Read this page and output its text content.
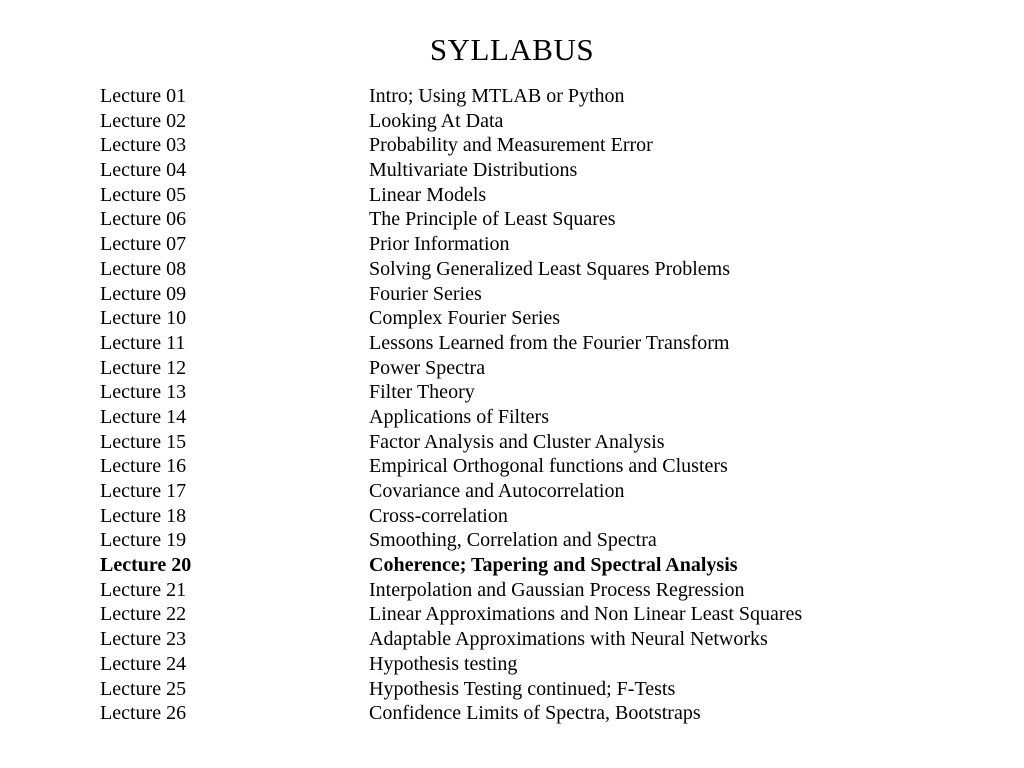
SYLLABUS
Lecture 01	Intro; Using MTLAB or Python
Lecture 02	Looking At Data
Lecture 03	Probability and Measurement Error
Lecture 04	Multivariate Distributions
Lecture 05	Linear Models
Lecture 06	The Principle of Least Squares
Lecture 07	Prior Information
Lecture 08	Solving Generalized Least Squares Problems
Lecture 09	Fourier Series
Lecture 10	Complex Fourier Series
Lecture 11	Lessons Learned from the Fourier Transform
Lecture 12	Power Spectra
Lecture 13	Filter Theory
Lecture 14	Applications of Filters
Lecture 15	Factor Analysis and Cluster Analysis
Lecture 16	Empirical Orthogonal functions and Clusters
Lecture 17	Covariance and Autocorrelation
Lecture 18	Cross-correlation
Lecture 19	Smoothing, Correlation and Spectra
Lecture 20	Coherence; Tapering and Spectral Analysis
Lecture 21	Interpolation and Gaussian Process Regression
Lecture 22	Linear Approximations and Non Linear Least Squares
Lecture 23	Adaptable Approximations with Neural Networks
Lecture 24	Hypothesis testing
Lecture 25	Hypothesis Testing continued; F-Tests
Lecture 26	Confidence Limits of Spectra, Bootstraps
